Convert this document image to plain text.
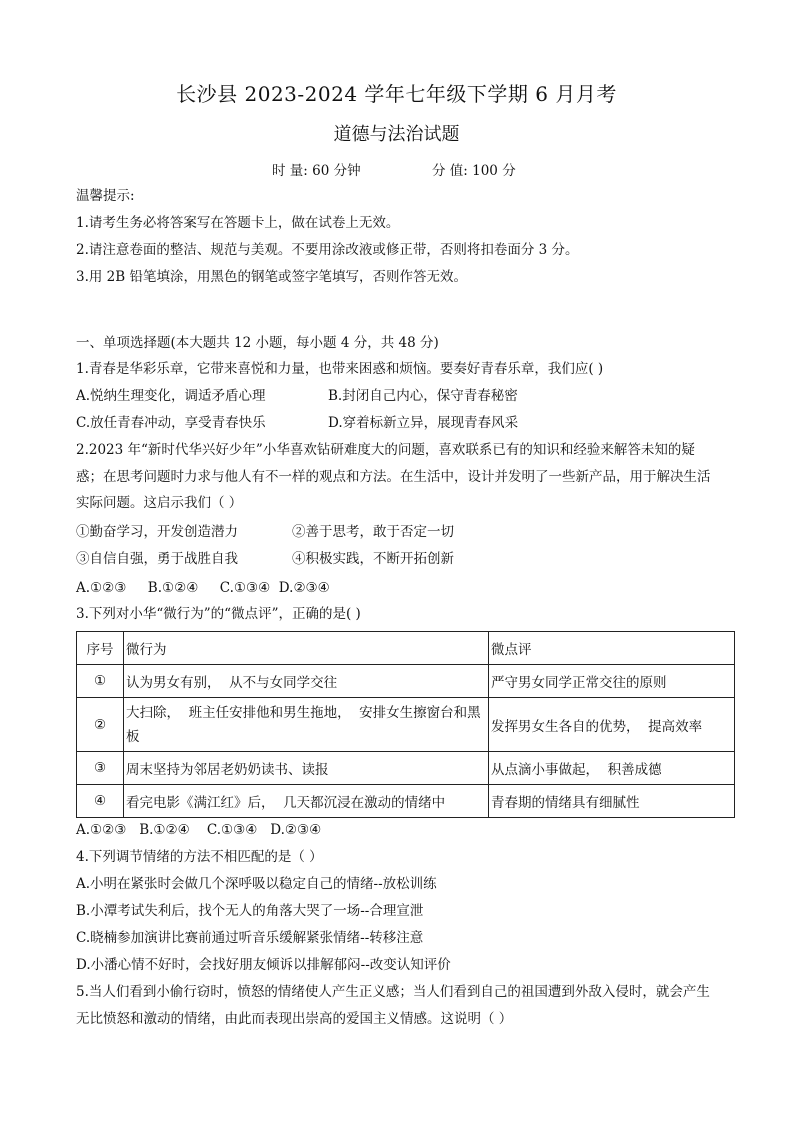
长沙县 2023-2024 学年七年级下学期 6 月月考
道德与法治试题
时 量: 60 分钟	分 值: 100 分
温馨提示:
1.请考生务必将答案写在答题卡上，做在试卷上无效。
2.请注意卷面的整洁、规范与美观。不要用涂改液或修正带，否则将扣卷面分 3 分。
3.用 2B 铅笔填涂，用黑色的钢笔或签字笔填写，否则作答无效。
一、单项选择题(本大题共 12 小题，每小题 4 分，共 48 分)
1.青春是华彩乐章，它带来喜悦和力量，也带来困惑和烦恼。要奏好青春乐章，我们应( )
A.悦纳生理变化，调适矛盾心理	B.封闭自己内心，保守青春秘密
C.放任青春冲动，享受青春快乐	D.穿着标新立异，展现青春风采
2.2023 年“新时代华兴好少年”小华喜欢钻研难度大的问题，喜欢联系已有的知识和经验来解答未知的疑惑；在思考问题时力求与他人有不一样的观点和方法。在生活中，设计并发明了一些新产品，用于解决生活实际问题。这启示我们（ ）
①勤奋学习，开发创造潜力	②善于思考，敢于否定一切
③自信自强，勇于战胜自我	④积极实践，不断开拓创新
A.①②③     B.①②④     C.①③④  D.②③④
3.下列对小华“微行为”的“微点评”，正确的是( )
序号	微行为	微点评
①	认为男女有别，  从不与女同学交往	严守男女同学正常交往的原则
②	大扫除，  班主任安排他和男生拖地，  安排女生擦窗台和黑板	发挥男女生各自的优势，  提高效率
③	周末坚持为邻居老奶奶读书、读报	从点滴小事做起，  积善成德
④	看完电影《满江红》后，  几天都沉浸在激动的情绪中	青春期的情绪具有细腻性
A.①②③   B.①②④    C.①③④   D.②③④
4.下列调节情绪的方法不相匹配的是（ ）
A.小明在紧张时会做几个深呼吸以稳定自己的情绪--放松训练
B.小潭考试失利后，找个无人的角落大哭了一场--合理宣泄
C.晓楠参加演讲比赛前通过听音乐缓解紧张情绪--转移注意
D.小潘心情不好时，会找好朋友倾诉以排解郁闷--改变认知评价
5.当人们看到小偷行窃时，愤怒的情绪使人产生正义感；当人们看到自己的祖国遭到外敌入侵时，就会产生无比愤怒和激动的情绪，由此而表现出崇高的爱国主义情感。这说明（ ）
